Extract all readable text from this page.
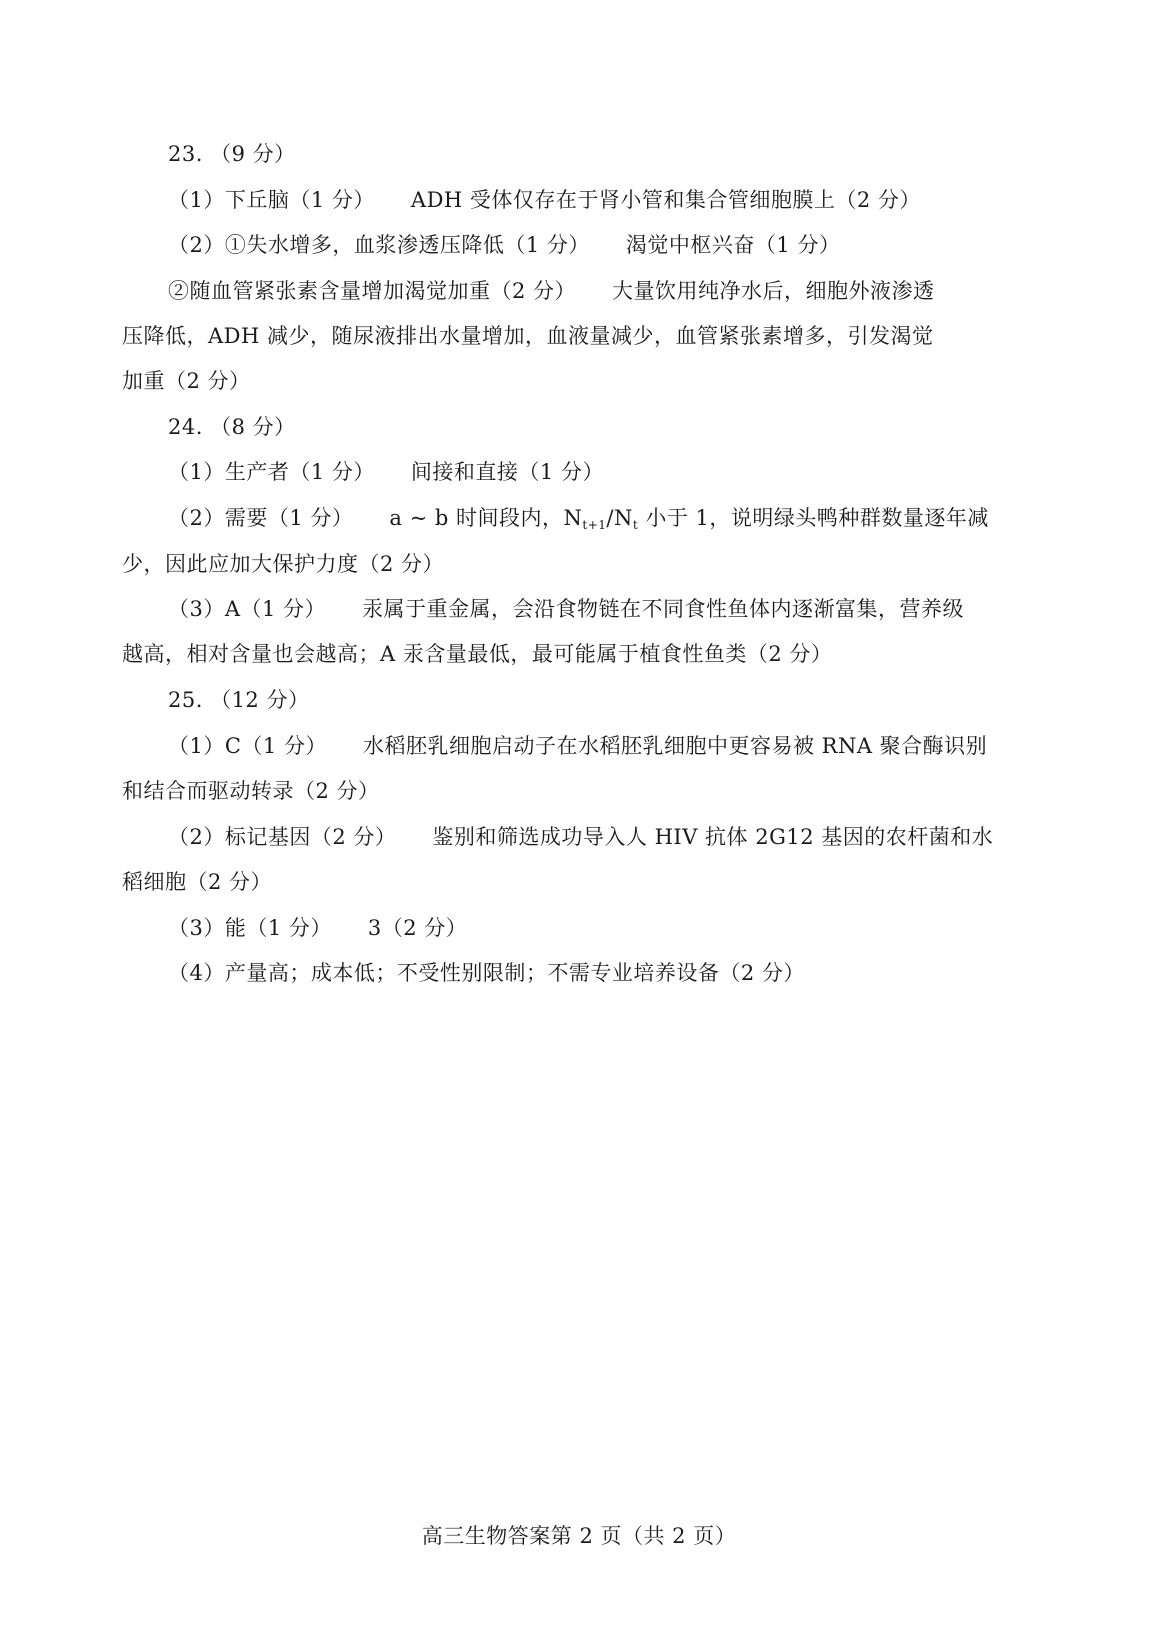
23. （9 分）
（1）下丘脑（1 分） ADH 受体仅存在于肾小管和集合管细胞膜上（2 分）
（2）①失水增多，血浆渗透压降低（1 分） 渴觉中枢兴奋（1 分）
②随血管紧张素含量增加渴觉加重（2 分） 大量饮用纯净水后，细胞外液渗透
压降低，ADH 减少，随尿液排出水量增加，血液量减少，血管紧张素增多，引发渴觉
加重（2 分）
24. （8 分）
（1）生产者（1 分） 间接和直接（1 分）
（2）需要（1 分） a ~ b 时间段内，$N_{t+1}/N_t$ 小于 1，说明绿头鸭种群数量逐年减
少，因此应加大保护力度（2 分）
（3）A（1 分） 汞属于重金属，会沿食物链在不同食性鱼体内逐渐富集，营养级
越高，相对含量也会越高；A 汞含量最低，最可能属于植食性鱼类（2 分）
25. （12 分）
（1）C（1 分） 水稻胚乳细胞启动子在水稻胚乳细胞中更容易被 RNA 聚合酶识别
和结合而驱动转录（2 分）
（2）标记基因（2 分） 鉴别和筛选成功导入人 HIV 抗体 2G12 基因的农杆菌和水
稻细胞（2 分）
（3）能（1 分） 3（2 分）
（4）产量高；成本低；不受性别限制；不需专业培养设备（2 分）
高三生物答案第 2 页（共 2 页）
